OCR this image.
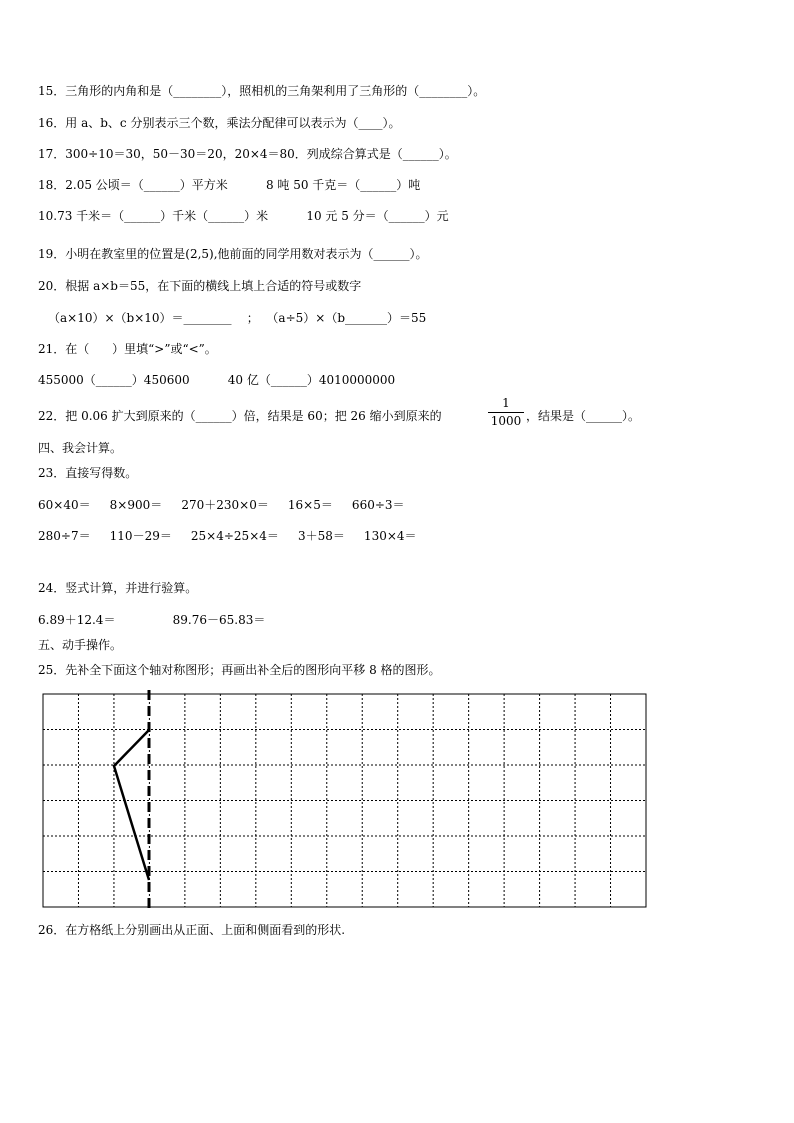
15．三角形的内角和是（________），照相机的三角架利用了三角形的（________）。
16．用 a、b、c 分别表示三个数，乘法分配律可以表示为（____）。
17．300÷10＝30，50－30＝20，20×4＝80．列成综合算式是（______）。
18．2.05 公顷＝（______）平方米          8 吨 50 千克＝（______）吨
10.73 千米＝（______）千米（______）米          10 元 5 分＝（______）元
19．小明在教室里的位置是(2,5),他前面的同学用数对表示为（______）。
20．根据 a×b＝55，在下面的横线上填上合适的符号或数字
（a×10）×（b×10）＝________    ；  （a÷5）×（b_______）＝55
21．在（      ）里填“>”或“<”。
455000（______）450600          40 亿（______）4010000000
22．把 0.06 扩大到原来的（______）倍，结果是 60；把 26 缩小到原来的	$\frac{1}{1000}$ ，结果是（______）。
四、我会计算。
23．直接写得数。
60×40＝     8×900＝     270＋230×0＝     16×5＝     660÷3＝
280÷7＝     110－29＝     25×4÷25×4＝     3＋58＝     130×4＝
24．竖式计算，并进行验算。
6.89＋12.4＝               89.76－65.83＝
五、动手操作。
25．先补全下面这个轴对称图形；再画出补全后的图形向平移 8 格的图形。
26．在方格纸上分别画出从正面、上面和侧面看到的形状.
